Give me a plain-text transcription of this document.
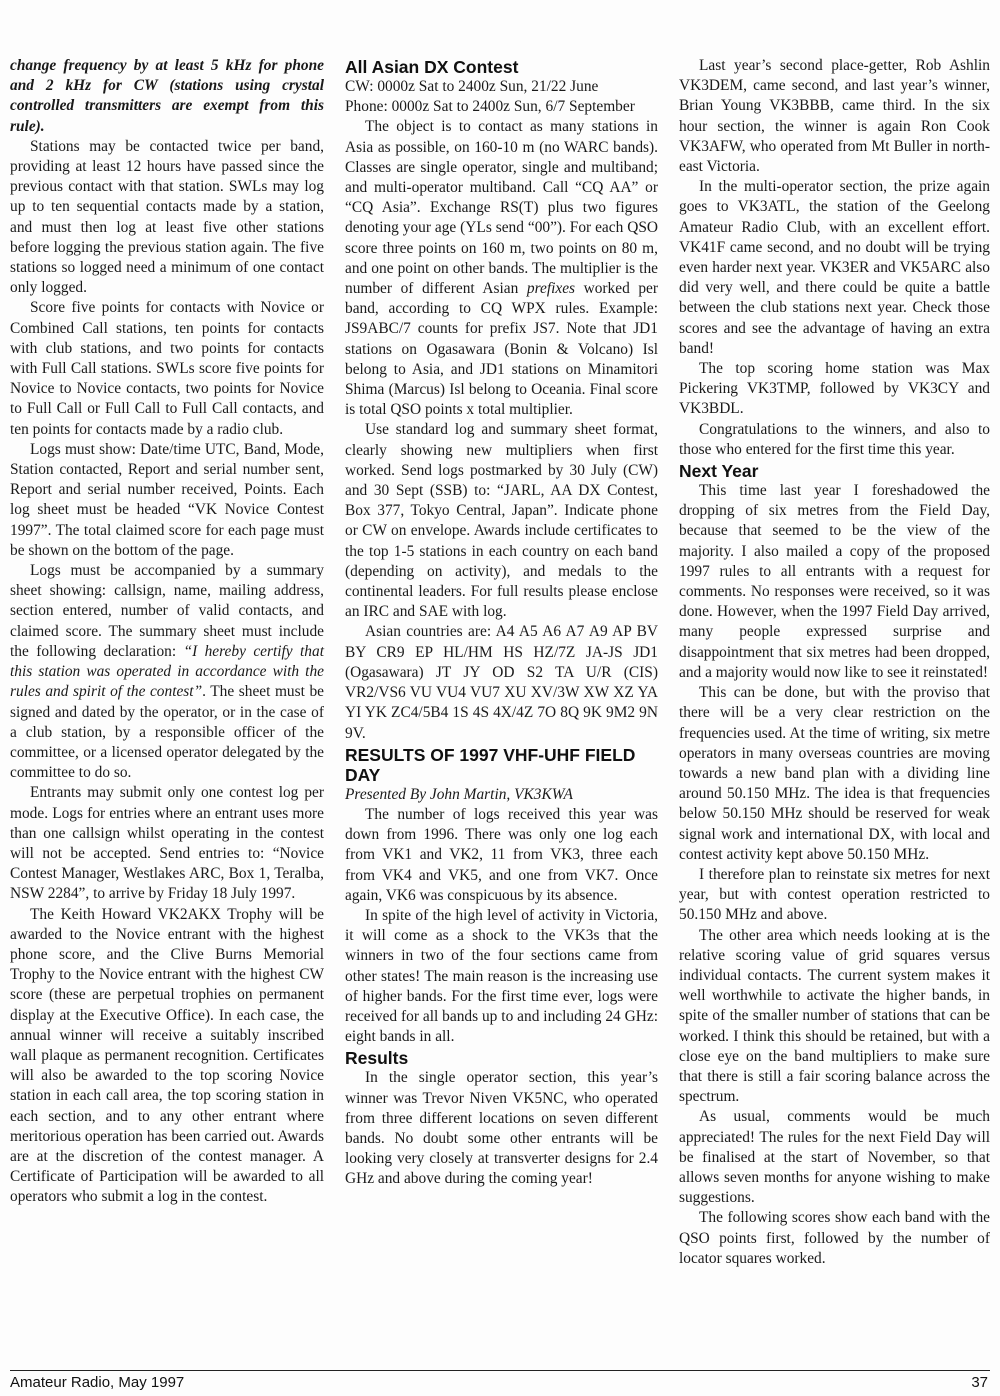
change frequency by at least 5 kHz for phone and 2 kHz for CW (stations using crystal controlled transmitters are exempt from this rule).

Stations may be contacted twice per band, providing at least 12 hours have passed since the previous contact with that station. SWLs may log up to ten sequential contacts made by a station, and must then log at least five other stations before logging the previous station again. The five stations so logged need a minimum of one contact only logged.

Score five points for contacts with Novice or Combined Call stations, ten points for contacts with club stations, and two points for contacts with Full Call stations. SWLs score five points for Novice to Novice contacts, two points for Novice to Full Call or Full Call to Full Call contacts, and ten points for contacts made by a radio club.

Logs must show: Date/time UTC, Band, Mode, Station contacted, Report and serial number sent, Report and serial number received, Points. Each log sheet must be headed “VK Novice Contest 1997”. The total claimed score for each page must be shown on the bottom of the page.

Logs must be accompanied by a summary sheet showing: callsign, name, mailing address, section entered, number of valid contacts, and claimed score. The summary sheet must include the following declaration: “I hereby certify that this station was operated in accordance with the rules and spirit of the contest”. The sheet must be signed and dated by the operator, or in the case of a club station, by a responsible officer of the committee, or a licensed operator delegated by the committee to do so.

Entrants may submit only one contest log per mode. Logs for entries where an entrant uses more than one callsign whilst operating in the contest will not be accepted. Send entries to: “Novice Contest Manager, Westlakes ARC, Box 1, Teralba, NSW 2284”, to arrive by Friday 18 July 1997.

The Keith Howard VK2AKX Trophy will be awarded to the Novice entrant with the highest phone score, and the Clive Burns Memorial Trophy to the Novice entrant with the highest CW score (these are perpetual trophies on permanent display at the Executive Office). In each case, the annual winner will receive a suitably inscribed wall plaque as permanent recognition. Certificates will also be awarded to the top scoring Novice station in each call area, the top scoring station in each section, and to any other entrant where meritorious operation has been carried out. Awards are at the discretion of the contest manager. A Certificate of Participation will be awarded to all operators who submit a log in the contest.

All Asian DX Contest

CW: 0000z Sat to 2400z Sun, 21/22 June

Phone: 0000z Sat to 2400z Sun, 6/7 September

The object is to contact as many stations in Asia as possible, on 160-10 m (no WARC bands). Classes are single operator, single and multiband; and multi-operator multiband. Call “CQ AA” or “CQ Asia”. Exchange RS(T) plus two figures denoting your age (YLs send “00”). For each QSO score three points on 160 m, two points on 80 m, and one point on other bands. The multiplier is the number of different Asian prefixes worked per band, according to CQ WPX rules. Example: JS9ABC/7 counts for prefix JS7. Note that JD1 stations on Ogasawara (Bonin & Volcano) Isl belong to Asia, and JD1 stations on Minamitori Shima (Marcus) Isl belong to Oceania. Final score is total QSO points x total multiplier.

Use standard log and summary sheet format, clearly showing new multipliers when first worked. Send logs postmarked by 30 July (CW) and 30 Sept (SSB) to: “JARL, AA DX Contest, Box 377, Tokyo Central, Japan”. Indicate phone or CW on envelope. Awards include certificates to the top 1-5 stations in each country on each band (depending on activity), and medals to the continental leaders. For full results please enclose an IRC and SAE with log.

Asian countries are: A4 A5 A6 A7 A9 AP BV BY CR9 EP HL/HM HS HZ/7Z JA-JS JD1 (Ogasawara) JT JY OD S2 TA U/R (CIS) VR2/VS6 VU VU4 VU7 XU XV/3W XW XZ YA YI YK ZC4/5B4 1S 4S 4X/4Z 7O 8Q 9K 9M2 9N 9V.

RESULTS OF 1997 VHF-UHF FIELD DAY

Presented By John Martin, VK3KWA

The number of logs received this year was down from 1996. There was only one log each from VK1 and VK2, 11 from VK3, three each from VK4 and VK5, and one from VK7. Once again, VK6 was conspicuous by its absence.

In spite of the high level of activity in Victoria, it will come as a shock to the VK3s that the winners in two of the four sections came from other states! The main reason is the increasing use of higher bands. For the first time ever, logs were received for all bands up to and including 24 GHz: eight bands in all.

Results

In the single operator section, this year’s winner was Trevor Niven VK5NC, who operated from three different locations on seven different bands. No doubt some other entrants will be looking very closely at transverter designs for 2.4 GHz and above during the coming year!

Last year’s second place-getter, Rob Ashlin VK3DEM, came second, and last year’s winner, Brian Young VK3BBB, came third. In the six hour section, the winner is again Ron Cook VK3AFW, who operated from Mt Buller in north-east Victoria.

In the multi-operator section, the prize again goes to VK3ATL, the station of the Geelong Amateur Radio Club, with an excellent effort. VK41F came second, and no doubt will be trying even harder next year. VK3ER and VK5ARC also did very well, and there could be quite a battle between the club stations next year. Check those scores and see the advantage of having an extra band!

The top scoring home station was Max Pickering VK3TMP, followed by VK3CY and VK3BDL.

Congratulations to the winners, and also to those who entered for the first time this year.

Next Year

This time last year I foreshadowed the dropping of six metres from the Field Day, because that seemed to be the view of the majority. I also mailed a copy of the proposed 1997 rules to all entrants with a request for comments. No responses were received, so it was done. However, when the 1997 Field Day arrived, many people expressed surprise and disappointment that six metres had been dropped, and a majority would now like to see it reinstated!

This can be done, but with the proviso that there will be a very clear restriction on the frequencies used. At the time of writing, six metre operators in many overseas countries are moving towards a new band plan with a dividing line around 50.150 MHz. The idea is that frequencies below 50.150 MHz should be reserved for weak signal work and international DX, with local and contest activity kept above 50.150 MHz.

I therefore plan to reinstate six metres for next year, but with contest operation restricted to 50.150 MHz and above.

The other area which needs looking at is the relative scoring value of grid squares versus individual contacts. The current system makes it well worthwhile to activate the higher bands, in spite of the smaller number of stations that can be worked. I think this should be retained, but with a close eye on the band multipliers to make sure that there is still a fair scoring balance across the spectrum.

As usual, comments would be much appreciated! The rules for the next Field Day will be finalised at the start of November, so that allows seven months for anyone wishing to make suggestions.

The following scores show each band with the QSO points first, followed by the number of locator squares worked.

Amateur Radio, May 1997	37
